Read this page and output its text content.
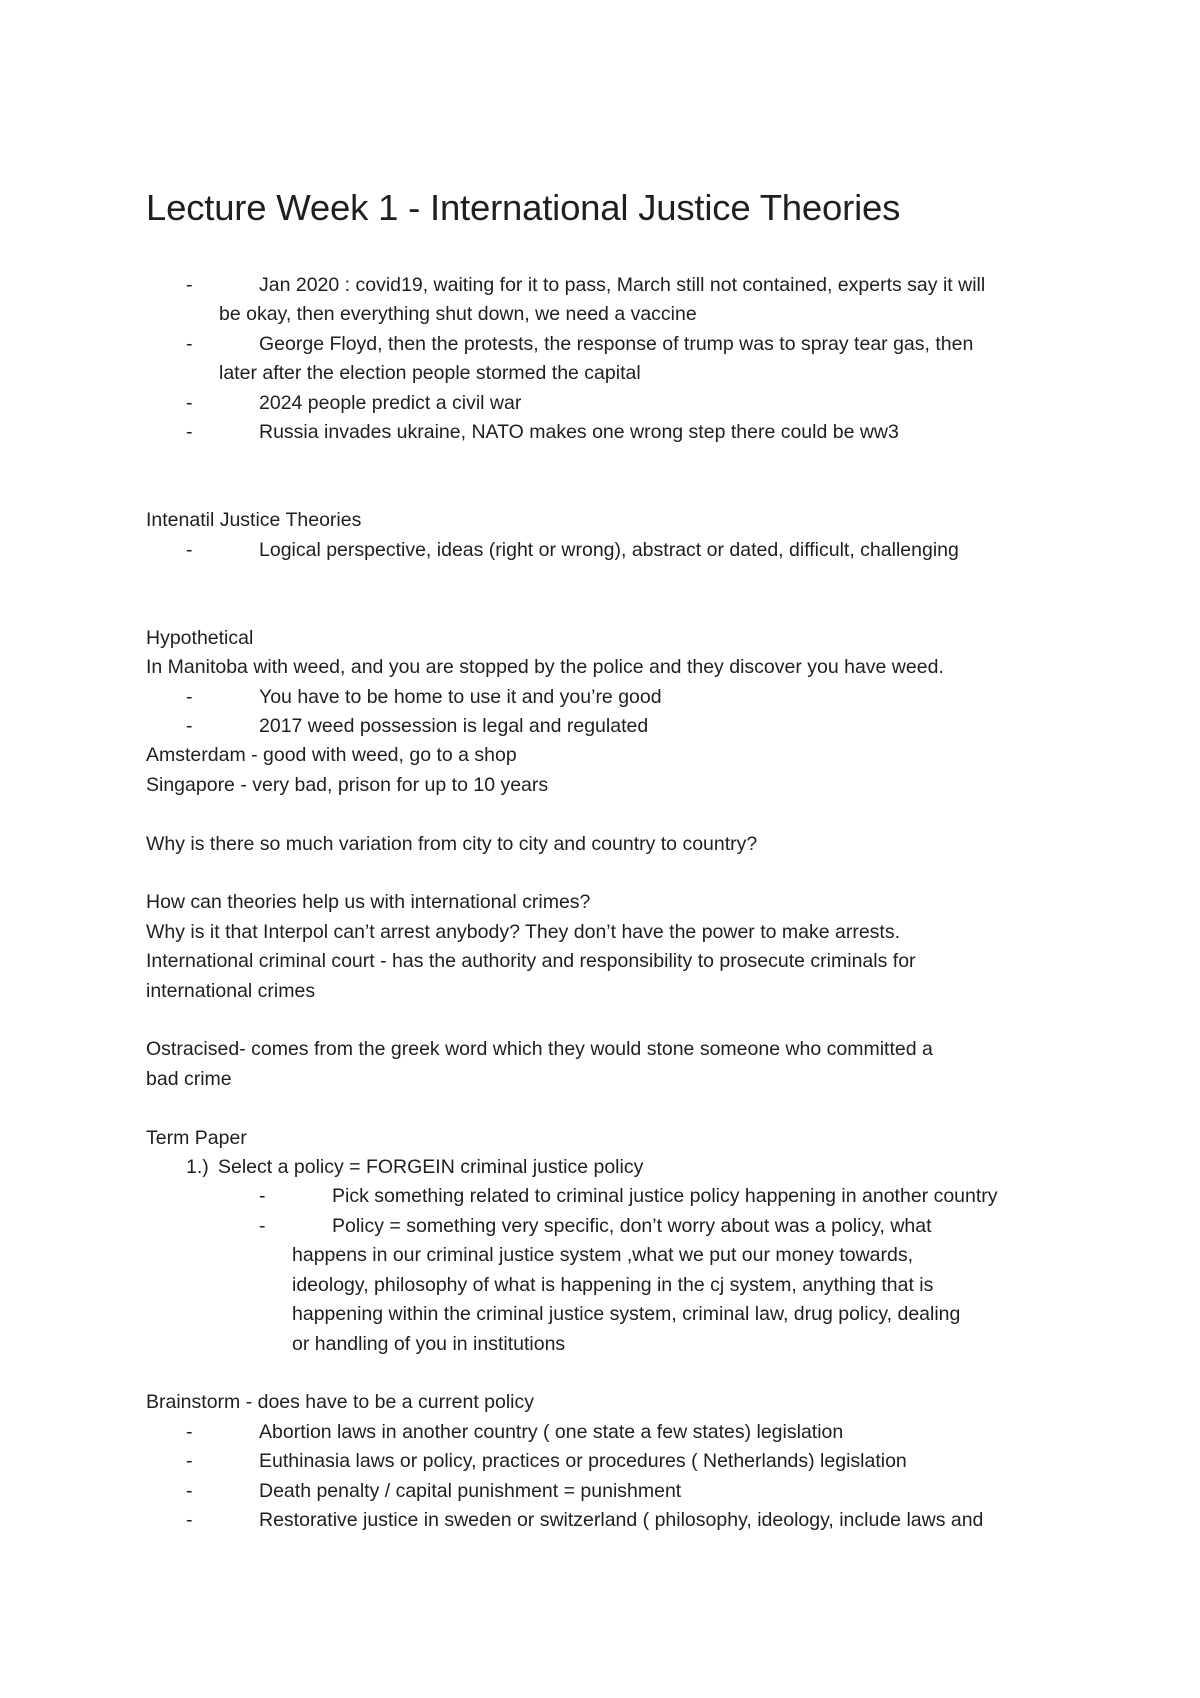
Lecture Week 1 - International Justice Theories
-	Jan 2020 : covid19, waiting for it to pass, March still not contained, experts say it will
be okay, then everything shut down, we need a vaccine
-	George Floyd, then the protests, the response of trump was to spray tear gas, then
later after the election people stormed the capital
-	2024 people predict a civil war
-	Russia invades ukraine, NATO makes one wrong step there could be ww3
Intenatil Justice Theories
-	Logical perspective, ideas (right or wrong), abstract or dated, difficult, challenging
Hypothetical
In Manitoba with weed, and you are stopped by the police and they discover you have weed.
-	You have to be home to use it and you’re good
-	2017 weed possession is legal and regulated
Amsterdam - good with weed, go to a shop
Singapore - very bad, prison for up to 10 years
Why is there so much variation from city to city and country to country?
How can theories help us with international crimes?
Why is it that Interpol can’t arrest anybody? They don’t have the power to make arrests.
International criminal court - has the authority and responsibility to prosecute criminals for
international crimes
Ostracised- comes from the greek word which they would stone someone who committed a
bad crime
Term Paper
1.) Select a policy = FORGEIN criminal justice policy
-	Pick something related to criminal justice policy happening in another country
-	Policy = something very specific, don’t worry about was a policy, what
happens in our criminal justice system ,what we put our money towards,
ideology, philosophy of what is happening in the cj system, anything that is
happening within the criminal justice system, criminal law, drug policy, dealing
or handling of you in institutions
Brainstorm - does have to be a current policy
-	Abortion laws in another country ( one state a few states) legislation
-	Euthinasia laws or policy, practices or procedures ( Netherlands) legislation
-	Death penalty / capital punishment = punishment
-	Restorative justice in sweden or switzerland ( philosophy, ideology, include laws and
